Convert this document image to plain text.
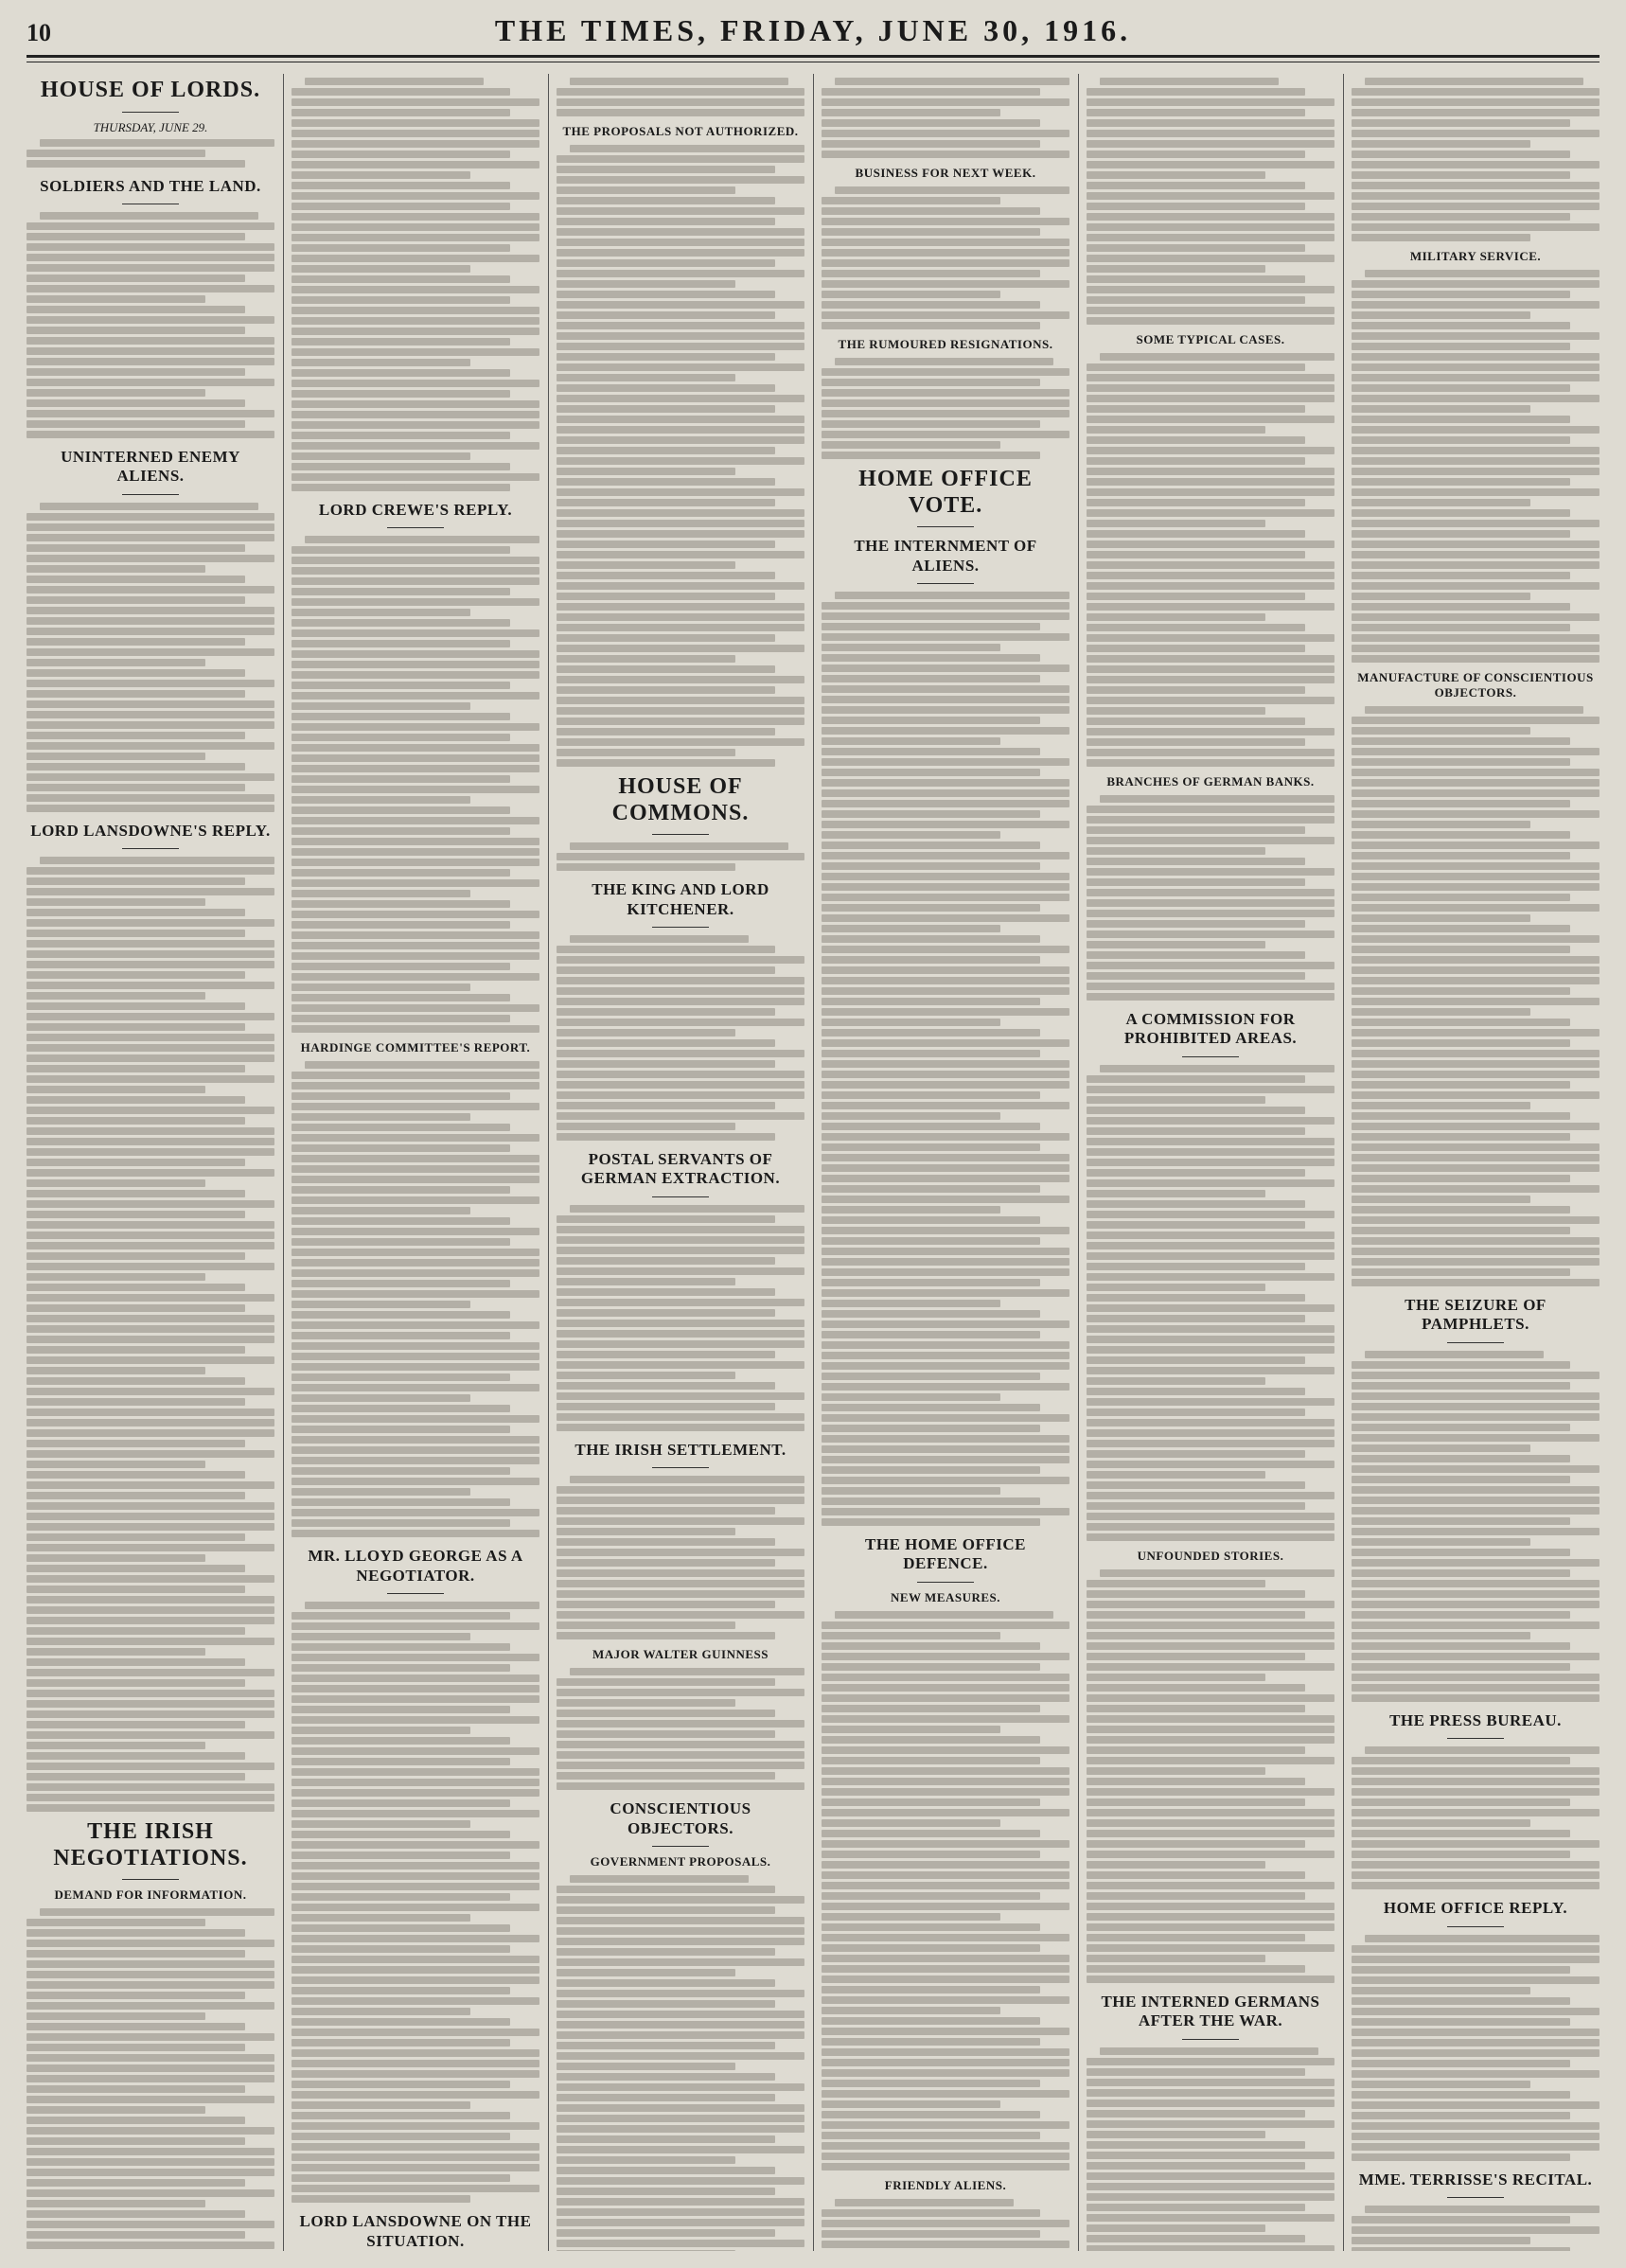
10	THE TIMES, FRIDAY, JUNE 30, 1916.
HOUSE OF LORDS.
THURSDAY, JUNE 29.
SOLDIERS AND THE LAND.
UNINTERNED ENEMY ALIENS.
LORD LANSDOWNE'S REPLY.
THE IRISH NEGOTIATIONS.
DEMAND FOR INFORMATION.
LORD CREWE'S REPLY.
HARDINGE COMMITTEE'S REPORT.
MR. LLOYD GEORGE AS A NEGOTIATOR.
LORD LANSDOWNE ON THE SITUATION.
THE PROPOSALS NOT AUTHORIZED.
HOUSE OF COMMONS.
THE KING AND LORD KITCHENER.
POSTAL SERVANTS OF GERMAN EXTRACTION.
THE IRISH SETTLEMENT.
MAJOR WALTER GUINNESS
CONSCIENTIOUS OBJECTORS.
GOVERNMENT PROPOSALS.
BUSINESS FOR NEXT WEEK.
THE RUMOURED RESIGNATIONS.
HOME OFFICE VOTE.
THE INTERNMENT OF ALIENS.
THE HOME OFFICE DEFENCE.
NEW MEASURES.
FRIENDLY ALIENS.
SOME TYPICAL CASES.
BRANCHES OF GERMAN BANKS.
A COMMISSION FOR PROHIBITED AREAS.
UNFOUNDED STORIES.
THE INTERNED GERMANS AFTER THE WAR.
MILITARY SERVICE.
MANUFACTURE OF CONSCIENTIOUS OBJECTORS.
THE SEIZURE OF PAMPHLETS.
THE PRESS BUREAU.
HOME OFFICE REPLY.
MME. TERRISSE'S RECITAL.
